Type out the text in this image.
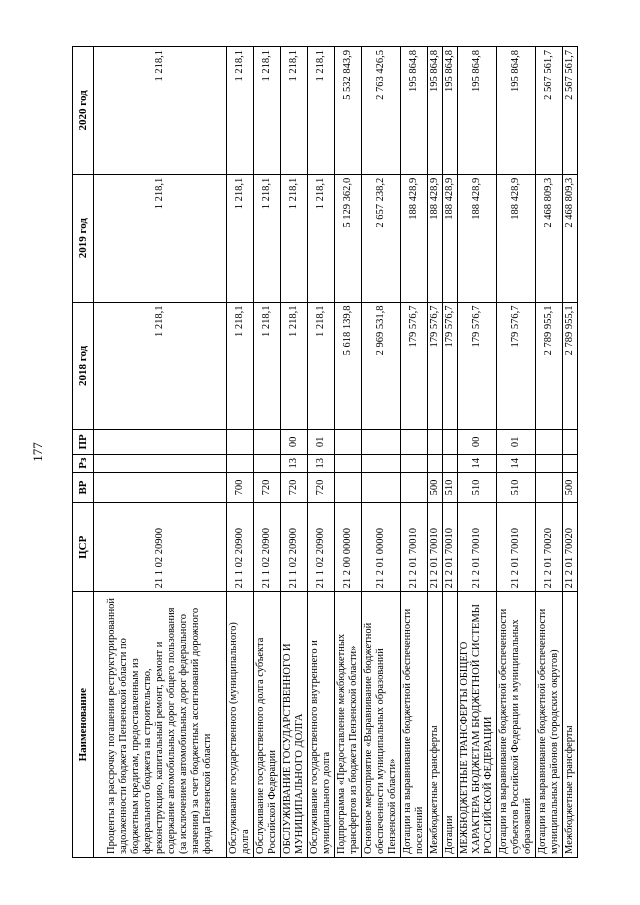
177
Наименование	ЦСР	ВР	Рз	ПР	2018 год	2019 год	2020 год
Проценты за рассрочку погашения реструктурированной задолженности бюджета Пензенской области по бюджетным кредитам, предоставленным из федерального бюджета на строительство, реконструкцию, капитальный ремонт, ремонт и содержание автомобильных дорог общего пользования (за исключением автомобильных дорог федерального значения) за счет бюджетных ассигнований дорожного фонда Пензенской области	21 1 02 20900				1 218,1	1 218,1	1 218,1
Обслуживание государственного (муниципального) долга	21 1 02 20900	700			1 218,1	1 218,1	1 218,1
Обслуживание государственного долга субъекта Российской Федерации	21 1 02 20900	720			1 218,1	1 218,1	1 218,1
ОБСЛУЖИВАНИЕ ГОСУДАРСТВЕННОГО И МУНИЦИПАЛЬНОГО ДОЛГА	21 1 02 20900	720	13	00	1 218,1	1 218,1	1 218,1
Обслуживание государственного внутреннего и муниципального долга	21 1 02 20900	720	13	01	1 218,1	1 218,1	1 218,1
Подпрограмма «Предоставление межбюджетных трансфертов из бюджета Пензенской области»	21 2 00 00000				5 618 139,8	5 129 362,0	5 532 843,9
Основное мероприятие «Выравнивание бюджетной обеспеченности муниципальных образований Пензенской области»	21 2 01 00000				2 969 531,8	2 657 238,2	2 763 426,5
Дотации на выравнивание бюджетной обеспеченности поселений	21 2 01 70010				179 576,7	188 428,9	195 864,8
Межбюджетные трансферты	21 2 01 70010	500			179 576,7	188 428,9	195 864,8
Дотации	21 2 01 70010	510			179 576,7	188 428,9	195 864,8
МЕЖБЮДЖЕТНЫЕ ТРАНСФЕРТЫ ОБЩЕГО ХАРАКТЕРА БЮДЖЕТАМ БЮДЖЕТНОЙ СИСТЕМЫ РОССИЙСКОЙ ФЕДЕРАЦИИ	21 2 01 70010	510	14	00	179 576,7	188 428,9	195 864,8
Дотации на выравнивание бюджетной обеспеченности субъектов Российской Федерации и муниципальных образований	21 2 01 70010	510	14	01	179 576,7	188 428,9	195 864,8
Дотации на выравнивание бюджетной обеспеченности муниципальных районов (городских округов)	21 2 01 70020				2 789 955,1	2 468 809,3	2 567 561,7
Межбюджетные трансферты	21 2 01 70020	500			2 789 955,1	2 468 809,3	2 567 561,7
